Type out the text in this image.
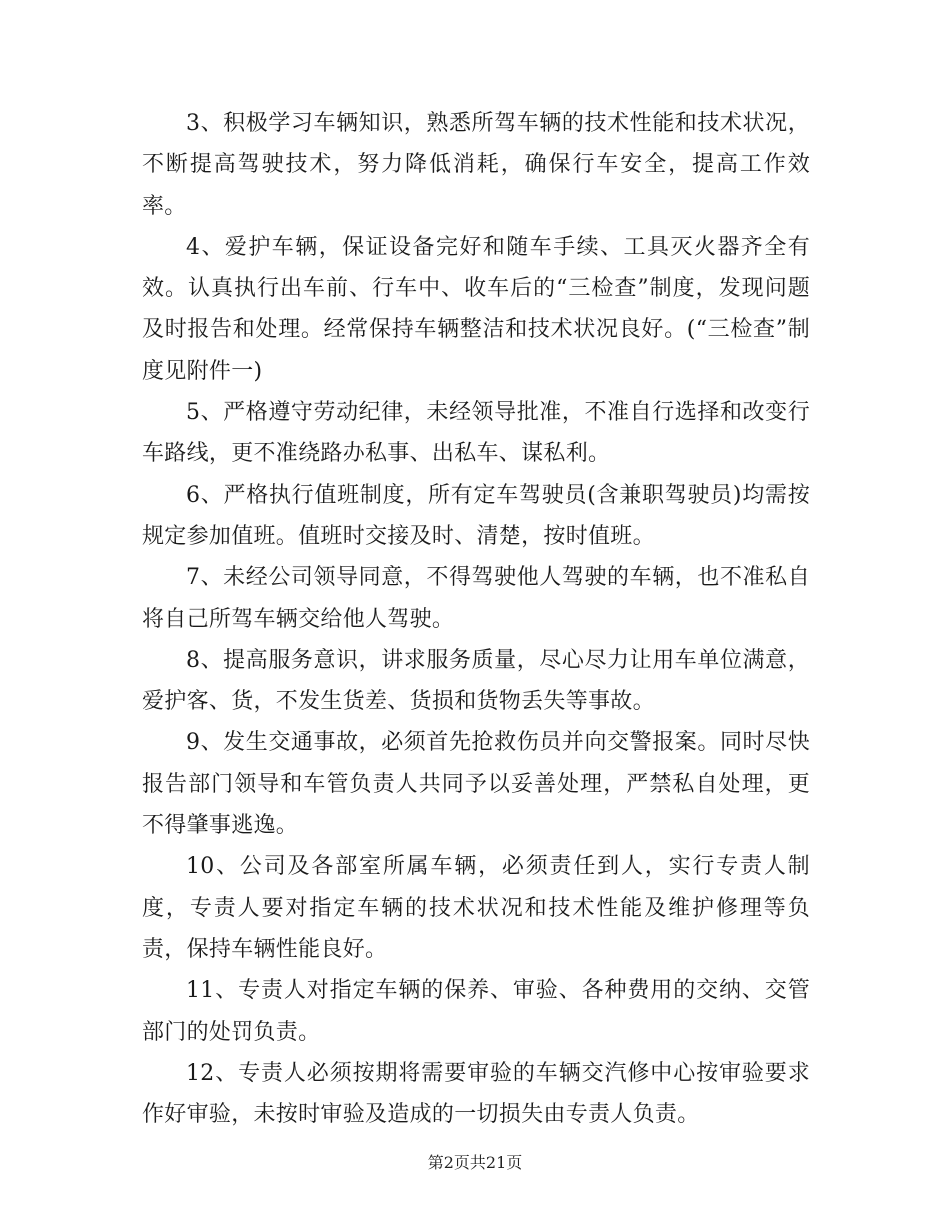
3、积极学习车辆知识，熟悉所驾车辆的技术性能和技术状况，不断提高驾驶技术，努力降低消耗，确保行车安全，提高工作效率。

4、爱护车辆，保证设备完好和随车手续、工具灭火器齐全有效。认真执行出车前、行车中、收车后的“三检查”制度，发现问题及时报告和处理。经常保持车辆整洁和技术状况良好。(“三检查”制度见附件一)

5、严格遵守劳动纪律，未经领导批准，不准自行选择和改变行车路线，更不准绕路办私事、出私车、谋私利。

6、严格执行值班制度，所有定车驾驶员(含兼职驾驶员)均需按规定参加值班。值班时交接及时、清楚，按时值班。

7、未经公司领导同意，不得驾驶他人驾驶的车辆，也不准私自将自己所驾车辆交给他人驾驶。

8、提高服务意识，讲求服务质量，尽心尽力让用车单位满意，爱护客、货，不发生货差、货损和货物丢失等事故。

9、发生交通事故，必须首先抢救伤员并向交警报案。同时尽快报告部门领导和车管负责人共同予以妥善处理，严禁私自处理，更不得肇事逃逸。

10、公司及各部室所属车辆，必须责任到人，实行专责人制度，专责人要对指定车辆的技术状况和技术性能及维护修理等负责，保持车辆性能良好。

11、专责人对指定车辆的保养、审验、各种费用的交纳、交管部门的处罚负责。

12、专责人必须按期将需要审验的车辆交汽修中心按审验要求作好审验，未按时审验及造成的一切损失由专责人负责。

第2页共21页
